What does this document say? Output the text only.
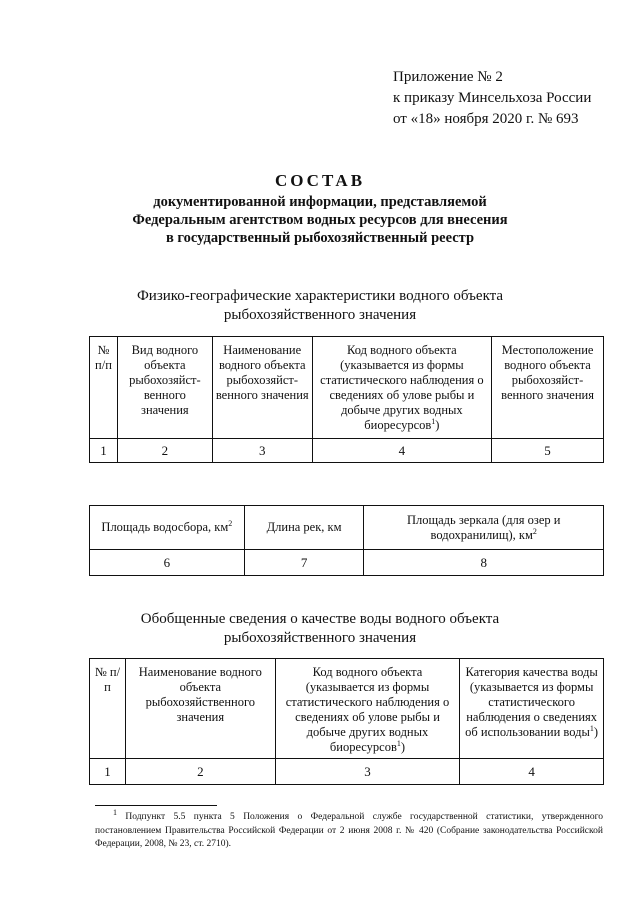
Приложение № 2
к приказу Минсельхоза России
от «18» ноября 2020 г. № 693
СОСТАВ
документированной информации, представляемой
Федеральным агентством водных ресурсов для внесения
в государственный рыбохозяйственный реестр
Физико-географические характеристики водного объекта
рыбохозяйственного значения
№ п/п	Вид водного объекта рыбохозяйст-венного значения	Наименование водного объекта рыбохозяйст-венного значения	Код водного объекта (указывается из формы статистического наблюдения о сведениях об улове рыбы и добыче других водных биоресурсов$^1$)	Местоположение водного объекта рыбохозяйст-венного значения
1	2	3	4	5
Площадь водосбора, $км^2$	Длина рек, км	Площадь зеркала (для озер и водохранилищ), $км^2$
6	7	8
Обобщенные сведения о качестве воды водного объекта
рыбохозяйственного значения
№ п/п	Наименование водного объекта рыбохозяйственного значения	Код водного объекта (указывается из формы статистического наблюдения о сведениях об улове рыбы и добыче других водных биоресурсов$^1$)	Категория качества воды (указывается из формы статистического наблюдения о сведениях об использовании воды$^1$)
1	2	3	4
$^1$ Подпункт 5.5 пункта 5 Положения о Федеральной службе государственной статистики, утвержденного постановлением Правительства Российской Федерации от 2 июня 2008 г. № 420 (Собрание законодательства Российской Федерации, 2008, № 23, ст. 2710).
